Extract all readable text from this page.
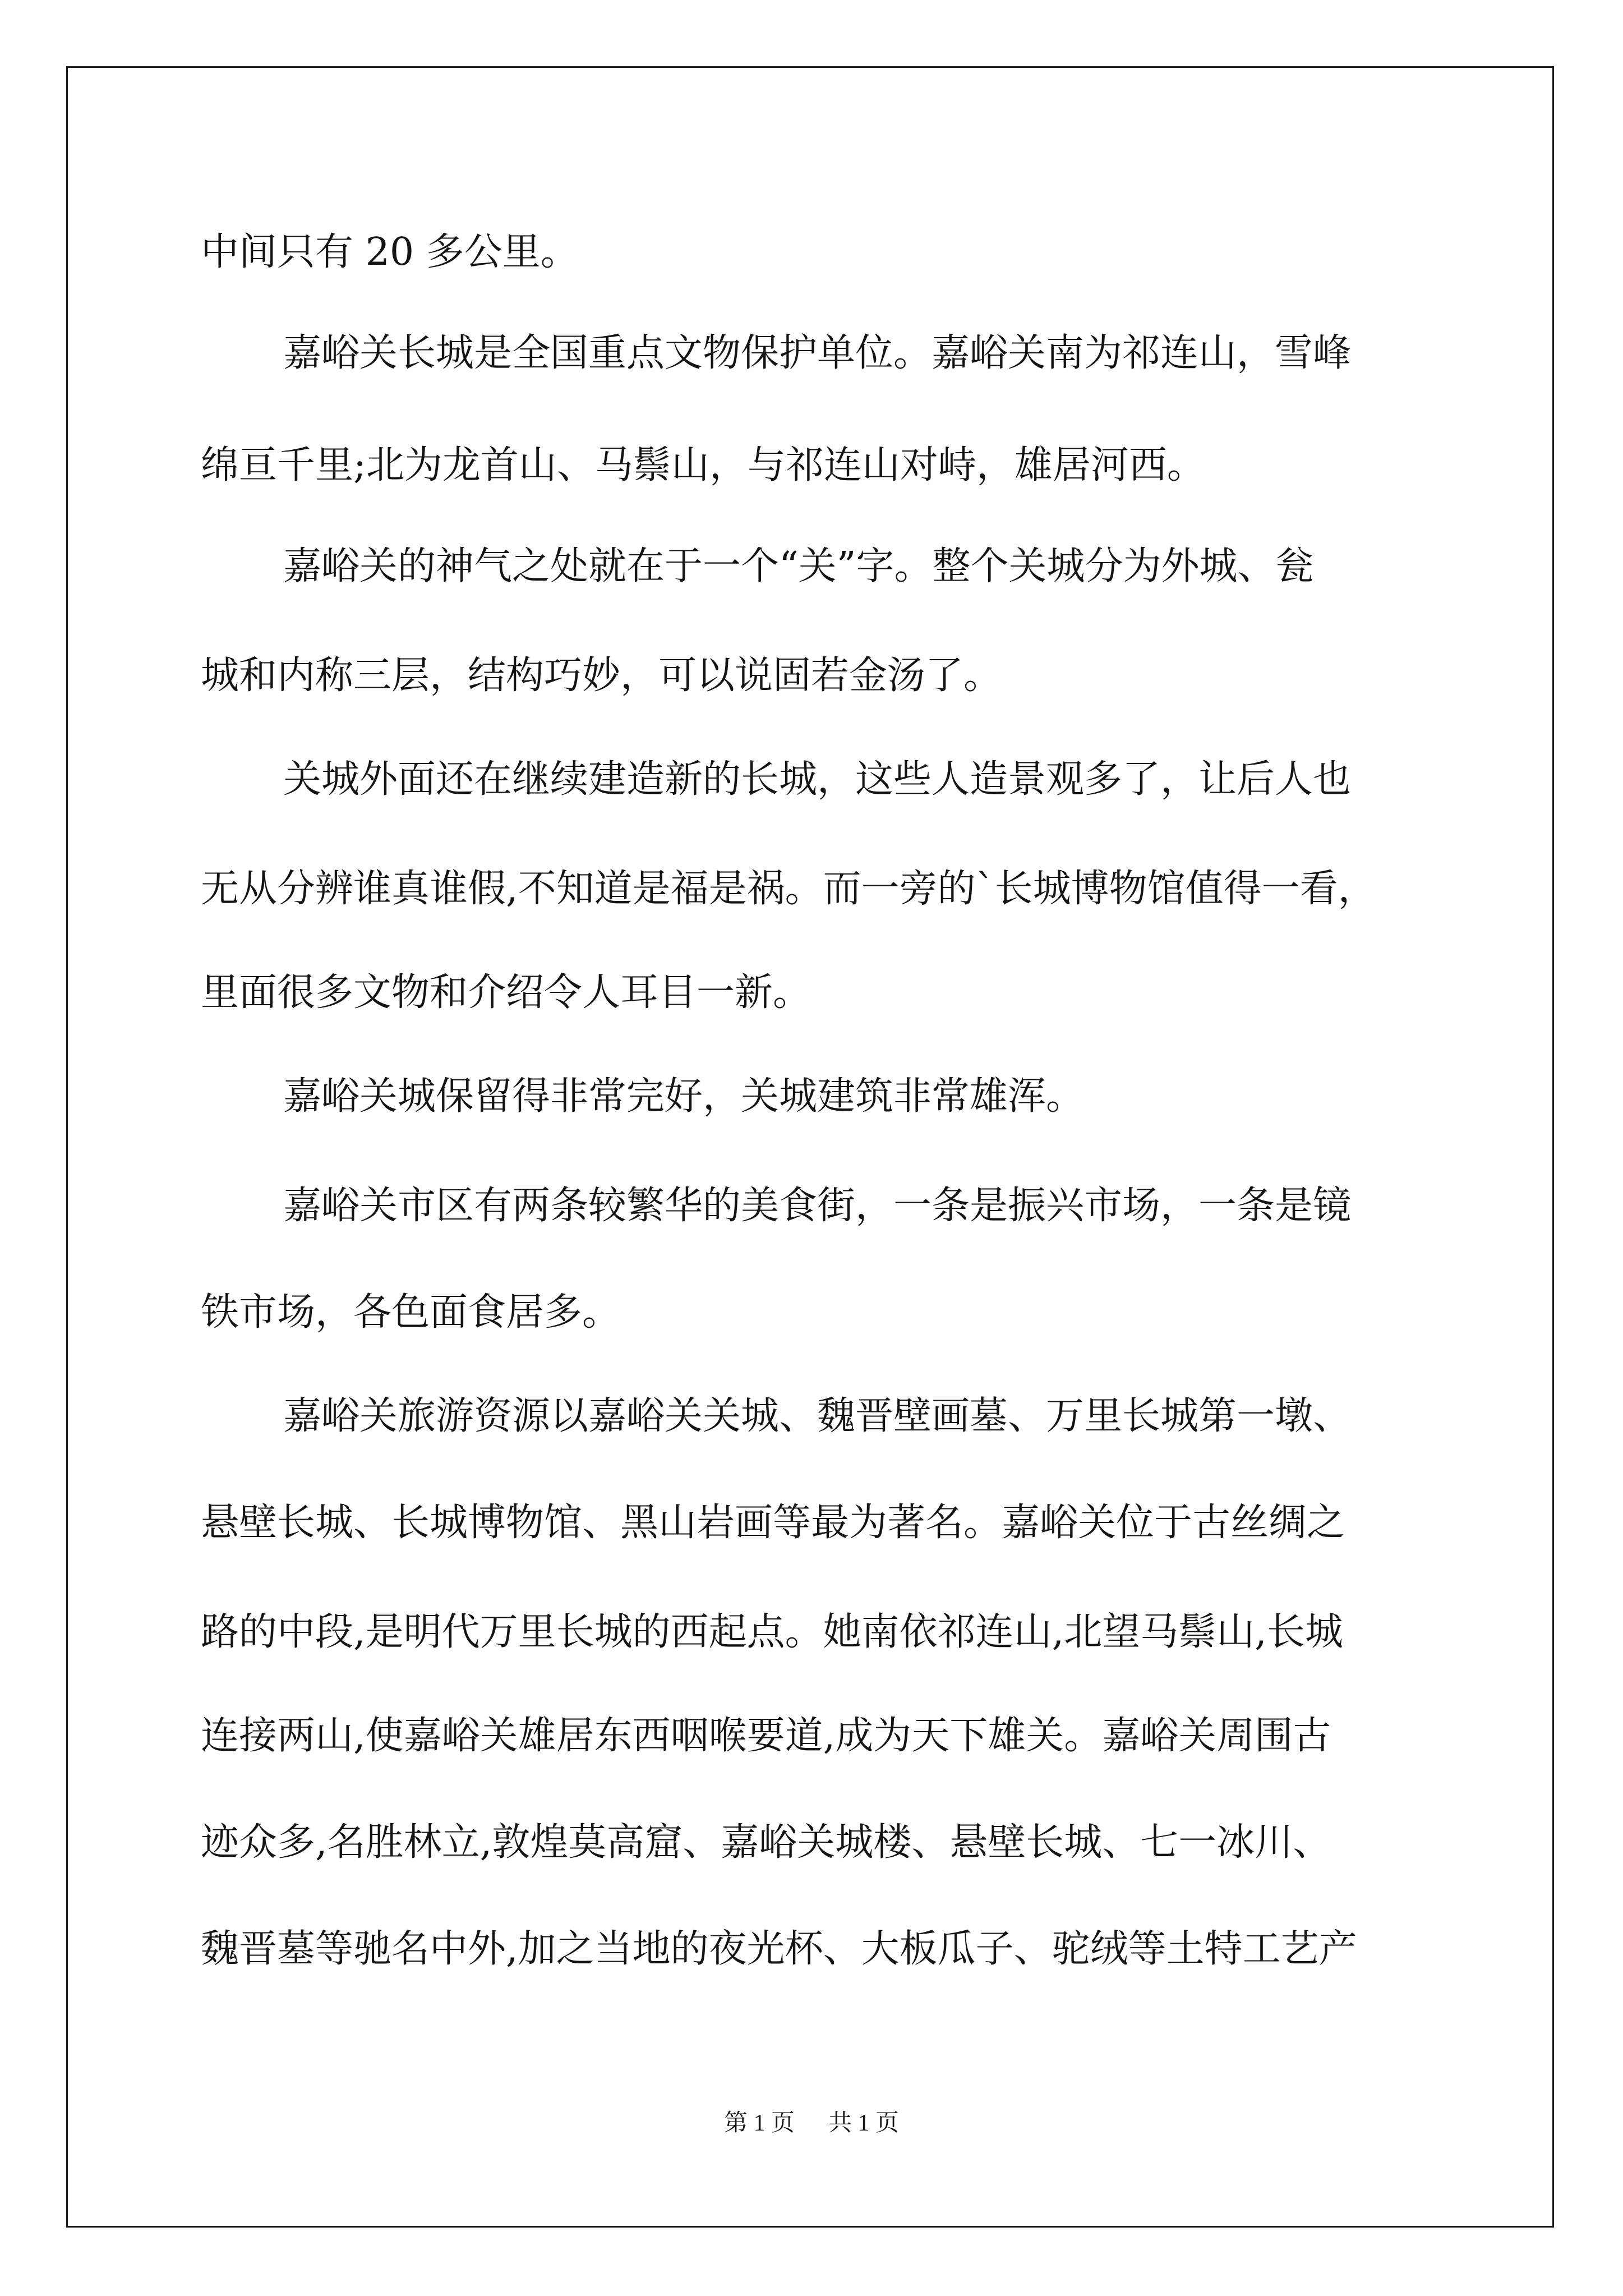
中间只有 20 多公里。
嘉峪关长城是全国重点文物保护单位。嘉峪关南为祁连山，雪峰
绵亘千里;北为龙首山、马鬃山，与祁连山对峙，雄居河西。
嘉峪关的神气之处就在于一个“关”字。整个关城分为外城、瓮
城和内称三层，结构巧妙，可以说固若金汤了。
关城外面还在继续建造新的长城，这些人造景观多了，让后人也
无从分辨谁真谁假,不知道是福是祸。而一旁的`长城博物馆值得一看，
里面很多文物和介绍令人耳目一新。
嘉峪关城保留得非常完好，关城建筑非常雄浑。
嘉峪关市区有两条较繁华的美食街，一条是振兴市场，一条是镜
铁市场，各色面食居多。
嘉峪关旅游资源以嘉峪关关城、魏晋壁画墓、万里长城第一墩、
悬壁长城、长城博物馆、黑山岩画等最为著名。嘉峪关位于古丝绸之
路的中段,是明代万里长城的西起点。她南依祁连山,北望马鬃山,长城
连接两山,使嘉峪关雄居东西咽喉要道,成为天下雄关。嘉峪关周围古
迹众多,名胜林立,敦煌莫高窟、嘉峪关城楼、悬壁长城、七一冰川、
魏晋墓等驰名中外,加之当地的夜光杯、大板瓜子、驼绒等土特工艺产
第 1 页 共 1 页
